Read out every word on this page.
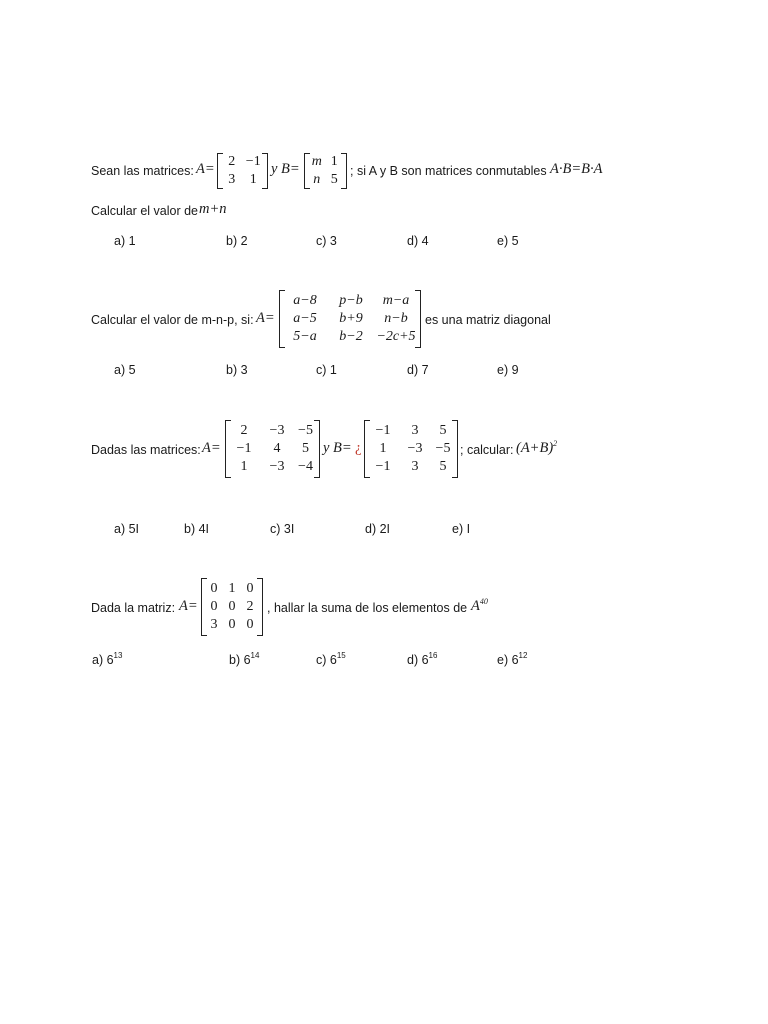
Sean las matrices: A= 2 −1
3	1
y B= m 1
n 5
; si A y B son matrices conmutables A·B=B·A
Calcular el valor de m+n
a) 1	b) 2	c) 3	d) 4	e) 5
Calcular el valor de m-n-p, si: A=
a−8	p−b	m−a
a−5	b+9	n−b
5−a	b−2 −2c+5
es una matriz diagonal
a) 5	b) 3	c) 1	d) 7	e) 9
Dadas las matrices: A=
2	−3 −5
−1	4	5
1	−3 −4
y B= ¿
−1	3	5
1	−3 −5
−1	3	5
; calcular: $(A+B)^2$
a) 5I	b) 4I	c) 3I	d) 2I	e) I
Dada la matriz: A=
0 1 0
0 0 2
3 0 0
, hallar la suma de los elementos de $A^{40}$
a) $6^{13}$	b) $6^{14}$	c) $6^{15}$	d) $6^{16}$	e) $6^{12}$
